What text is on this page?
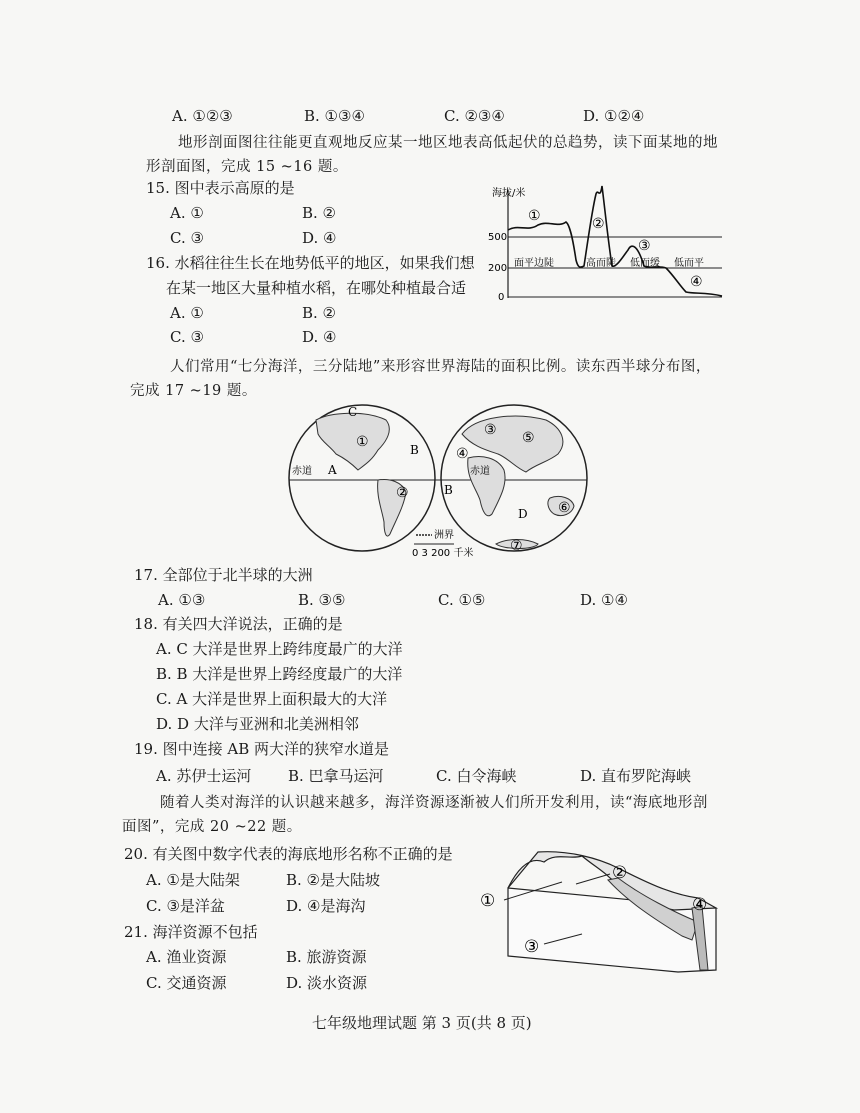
A. ①②③	B. ①③④	C. ②③④	D. ①②④
地形剖面图往往能更直观地反应某一地区地表高低起伏的总趋势，读下面某地的地
形剖面图，完成 15 ~16 题。
15. 图中表示高原的是
A. ①	B. ②
C. ③	D. ④
16. 水稻往往生长在地势低平的地区，如果我们想
在某一地区大量种植水稻，在哪处种植最合适
A. ①	B. ②
C. ③	D. ④
海拔/米
500
200
0
①	②
③
④
面平边陡	高而陡 低而缓 低而平
人们常用“七分海洋，三分陆地”来形容世界海陆的面积比例。读东西半球分布图，
完成 17 ~19 题。
C
B
A
B
D
①
②
③
④
⑤
⑥
⑦
赤道	赤道
洲界
0 3 200 千米
17. 全部位于北半球的大洲
A. ①③	B. ③⑤	C. ①⑤	D. ①④
18. 有关四大洋说法，正确的是
A. C 大洋是世界上跨纬度最广的大洋
B. B 大洋是世界上跨经度最广的大洋
C. A 大洋是世界上面积最大的大洋
D. D 大洋与亚洲和北美洲相邻
19. 图中连接 AB 两大洋的狭窄水道是
A. 苏伊士运河 B. 巴拿马运河	C. 白令海峡	D. 直布罗陀海峡
随着人类对海洋的认识越来越多，海洋资源逐渐被人们所开发利用，读“海底地形剖
面图”，完成 20 ~22 题。
20. 有关图中数字代表的海底地形名称不正确的是
A. ①是大陆架	B. ②是大陆坡
C. ③是洋盆	D. ④是海沟
21. 海洋资源不包括
A. 渔业资源	B. 旅游资源
C. 交通资源	D. 淡水资源
①
②
③
④
七年级地理试题 第 3 页(共 8 页)
